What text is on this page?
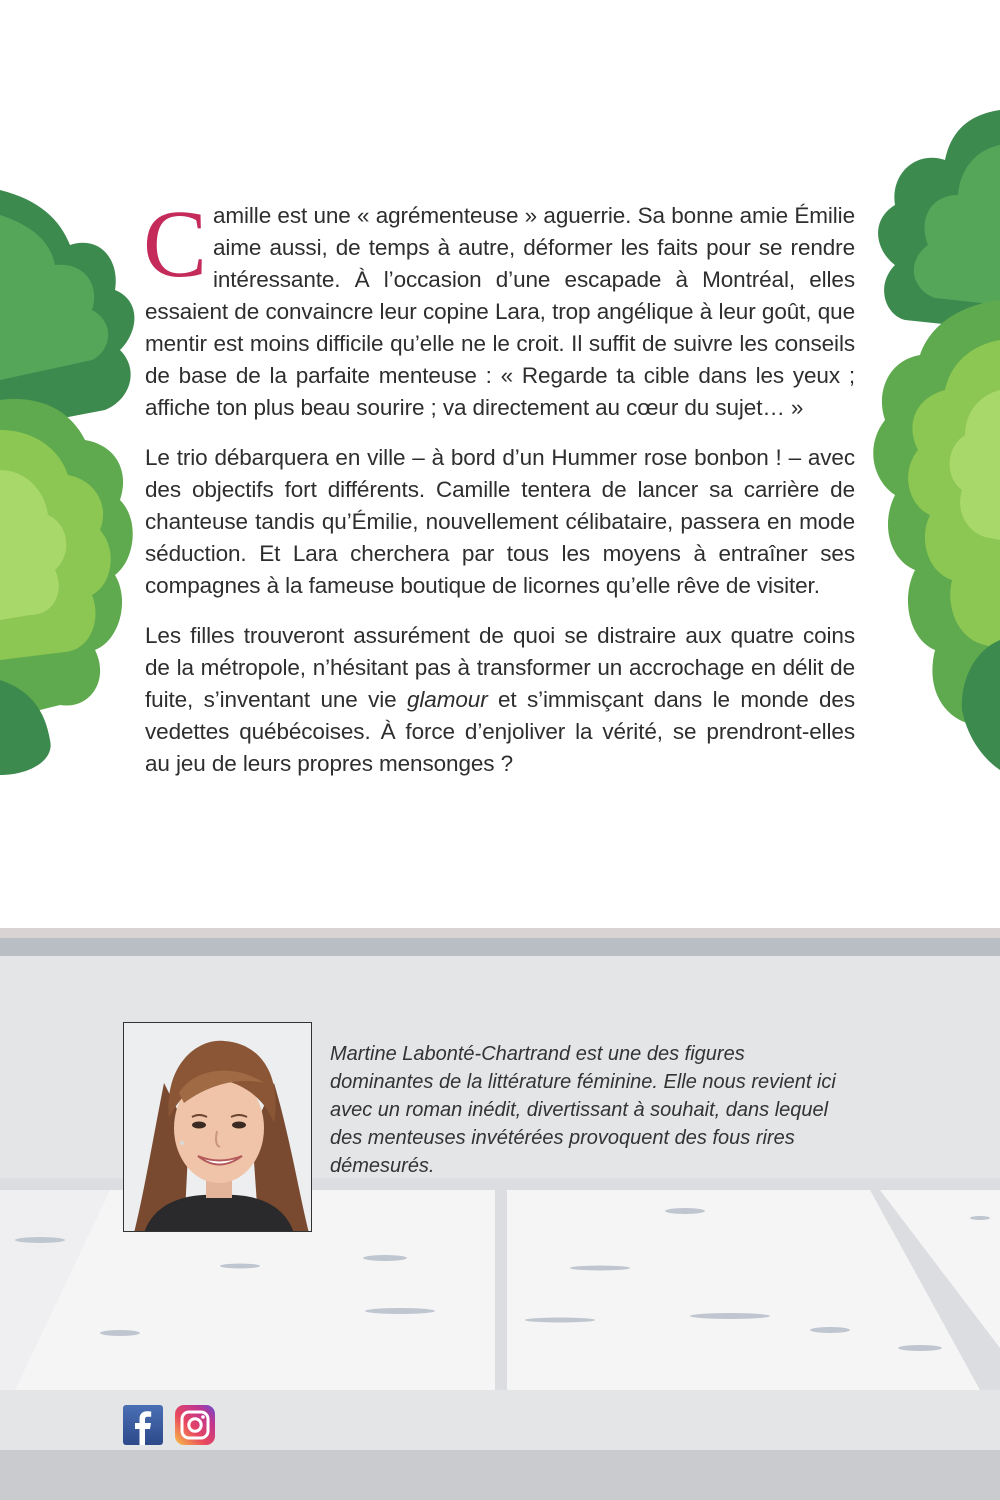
Camille est une « agrémenteuse » aguerrie. Sa bonne amie Émilie aime aussi, de temps à autre, déformer les faits pour se rendre intéressante. À l’occasion d’une escapade à Montréal, elles essaient de convaincre leur copine Lara, trop angélique à leur goût, que mentir est moins difficile qu’elle ne le croit. Il suffit de suivre les conseils de base de la parfaite menteuse : « Regarde ta cible dans les yeux ; affiche ton plus beau sourire ; va directement au cœur du sujet… »

Le trio débarquera en ville – à bord d’un Hummer rose bonbon ! – avec des objectifs fort différents. Camille tentera de lancer sa carrière de chanteuse tandis qu’Émilie, nouvellement célibataire, passera en mode séduction. Et Lara cherchera par tous les moyens à entraîner ses compagnes à la fameuse boutique de licornes qu’elle rêve de visiter.

Les filles trouveront assurément de quoi se distraire aux quatre coins de la métropole, n’hésitant pas à transformer un accrochage en délit de fuite, s’inventant une vie glamour et s’immisçant dans le monde des vedettes québécoises. À force d’enjoliver la vérité, se prendront-elles au jeu de leurs propres mensonges ?

Martine Labonté-Chartrand est une des figures dominantes de la littérature féminine. Elle nous revient ici avec un roman inédit, divertissant à souhait, dans lequel des menteuses invétérées provoquent des fous rires démesurés.
